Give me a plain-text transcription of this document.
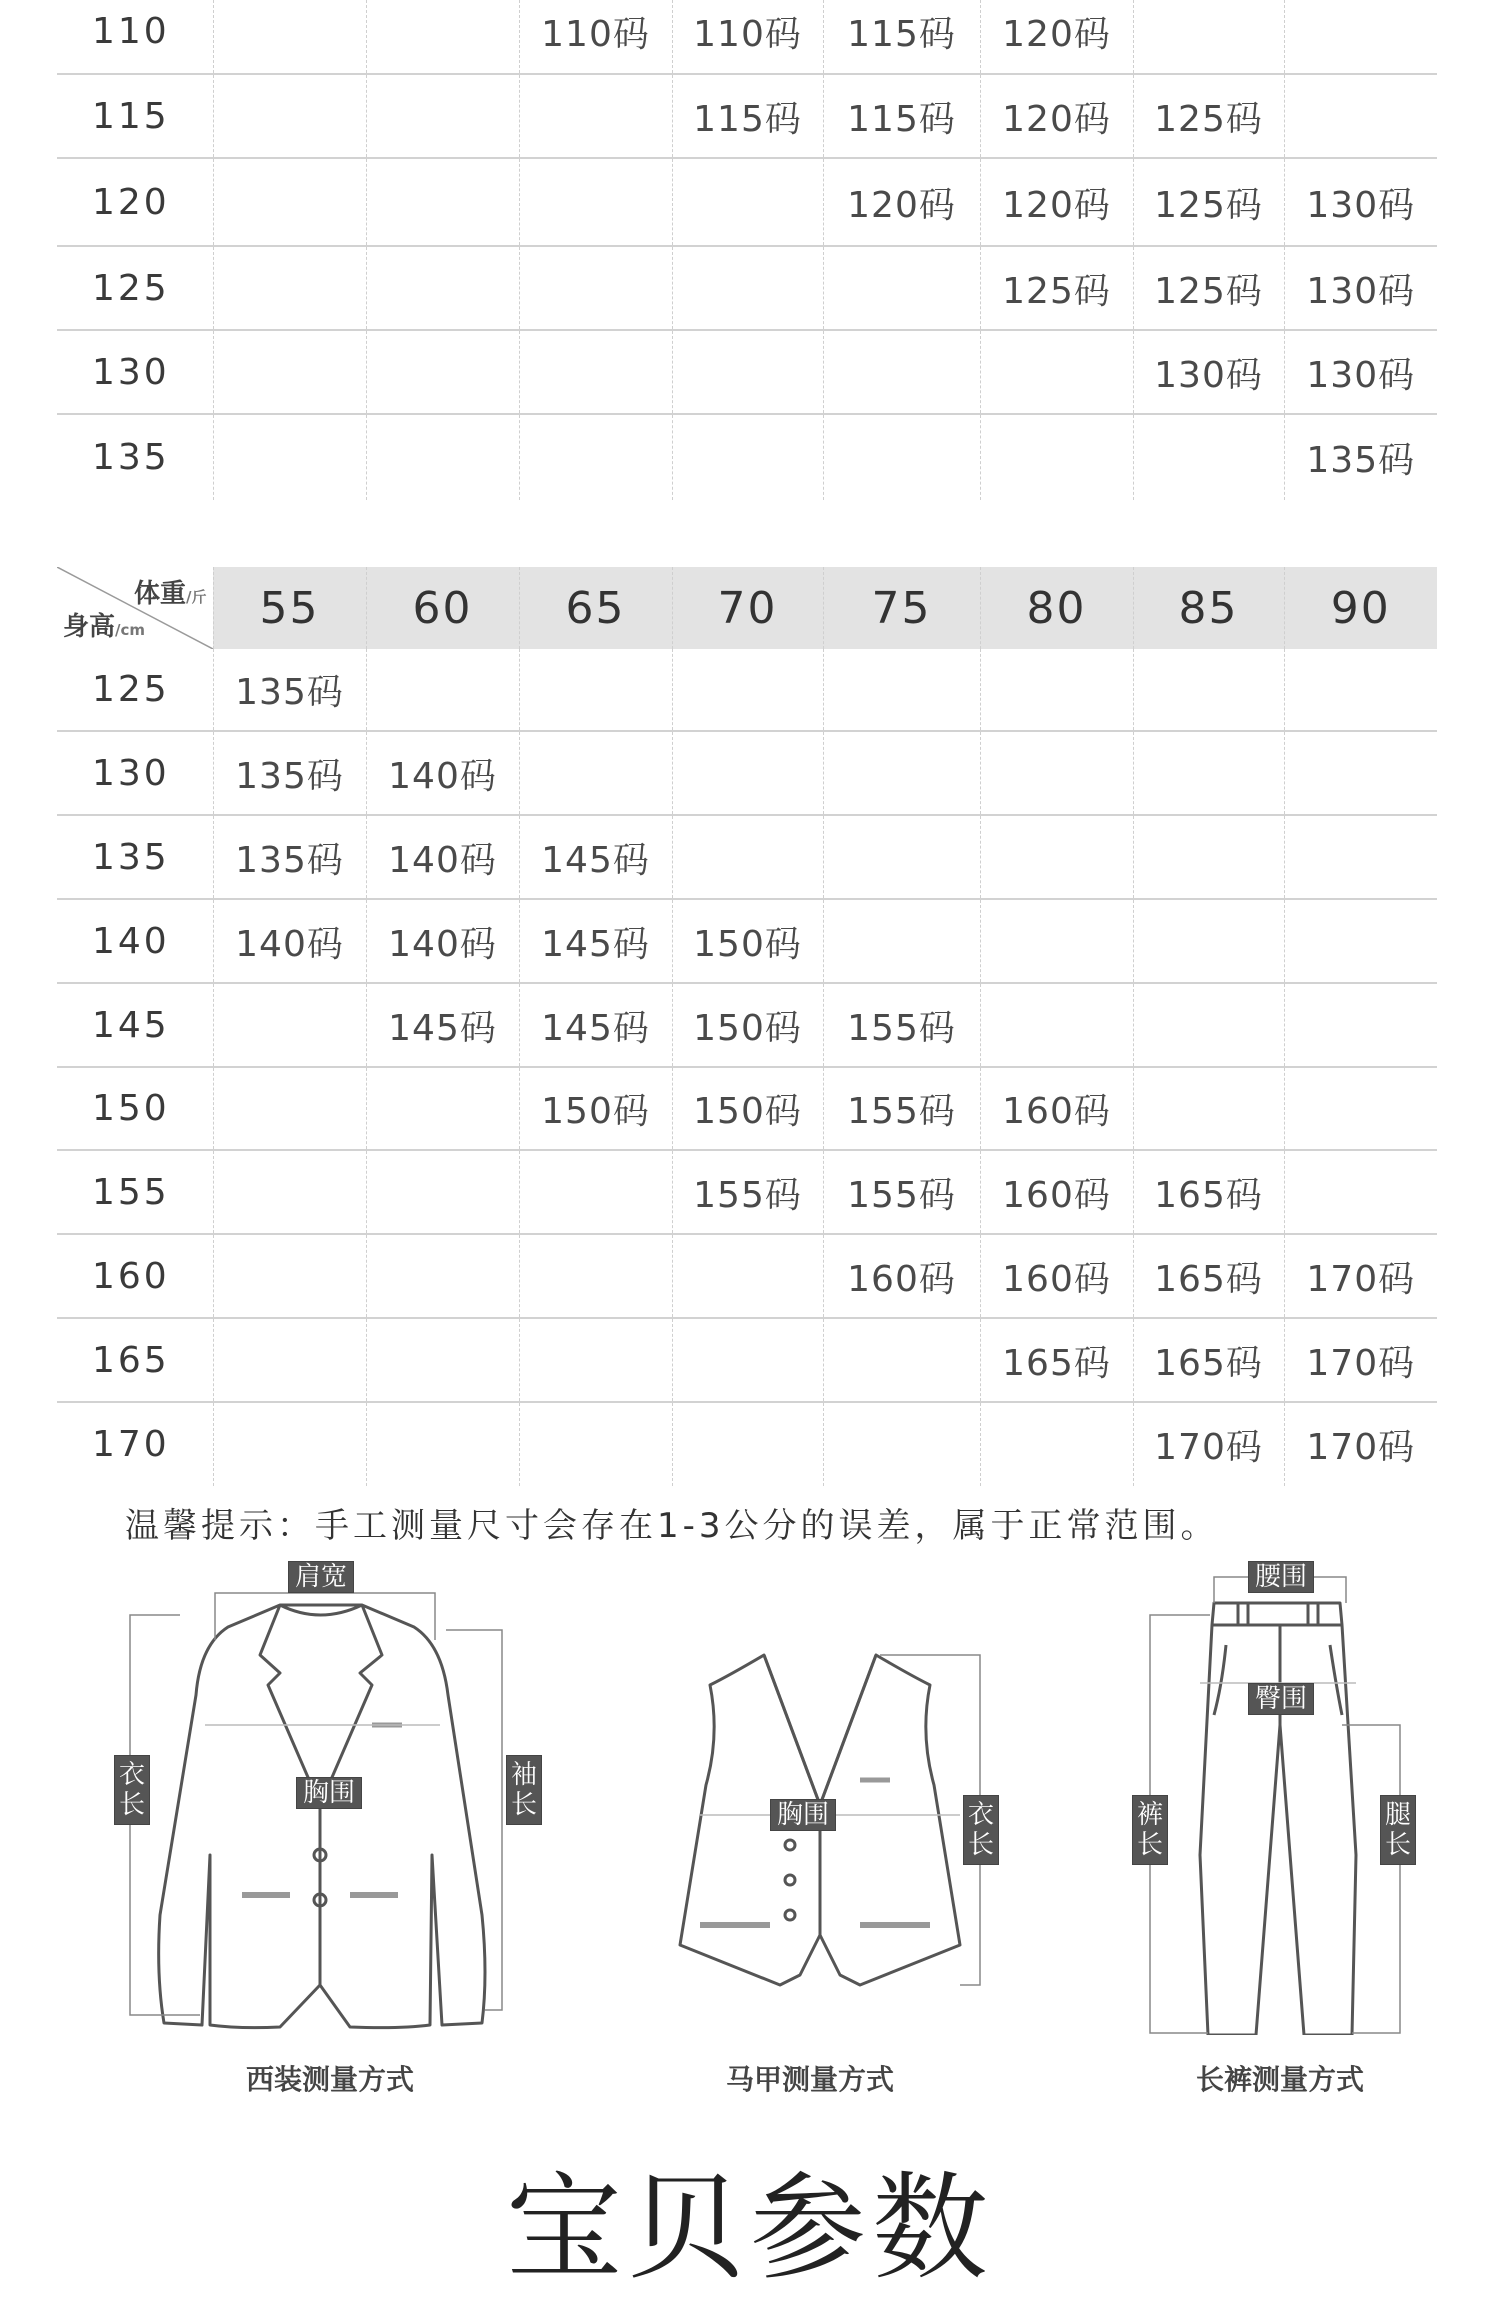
110			110码	110码	115码	120码		
115				115码	115码	120码	125码	
120					120码	120码	125码	130码
125						125码	125码	130码
130							130码	130码
135								135码
体重/斤
身高/cm	55	60	65	70	75	80	85	90
125	135码							
130	135码	140码						
135	135码	140码	145码					
140	140码	140码	145码	150码				
145		145码	145码	150码	155码			
150			150码	150码	155码	160码		
155				155码	155码	160码	165码	
160					160码	160码	165码	170码
165						165码	165码	170码
170							170码	170码
温馨提示：手工测量尺寸会存在1-3公分的误差，属于正常范围。
肩宽
胸围
衣长
袖长
西装测量方式
胸围	衣长
马甲测量方式
腰围
臀围
裤长
腿长
长裤测量方式
宝贝参数
